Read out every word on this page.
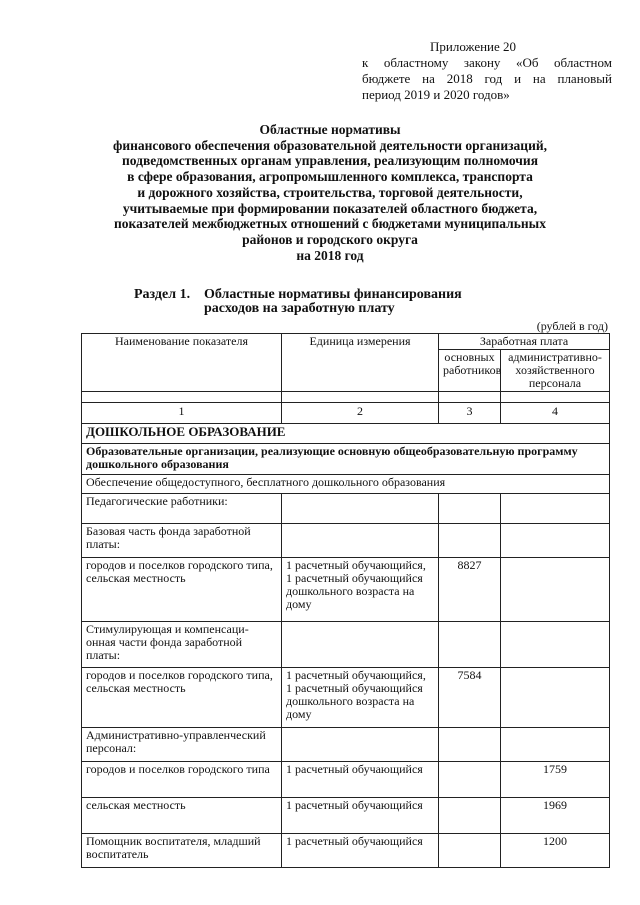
Приложение 20
к областному закону «Об областном
бюджете на 2018 год и на плановый
период 2019 и 2020 годов»
Областные нормативы
финансового обеспечения образовательной деятельности организаций,
подведомственных органам управления, реализующим полномочия
в сфере образования, агропромышленного комплекса, транспорта
и дорожного хозяйства, строительства, торговой деятельности,
учитываемые при формировании показателей областного бюджета,
показателей межбюджетных отношений с бюджетами муниципальных
районов и городского округа
на 2018 год
Раздел 1. Областные нормативы финансирования
расходов на заработную плату
(рублей в год)
Наименование показателя	Единица измерения	Заработная плата	
		основных работников	административно-хозяйственного персонала

1	2	3	4
ДОШКОЛЬНОЕ ОБРАЗОВАНИЕ			
Образовательные организации, реализующие основную общеобразовательную программу дошкольного образования			
Обеспечение общедоступного, бесплатного дошкольного образования			
Педагогические работники:			
Базовая часть фонда заработной платы:			
городов и поселков городского типа, сельская местность	1 расчетный обучающийся, 1 расчетный обучающийся дошкольного возраста на дому	8827	
Стимулирующая и компенсаци-онная части фонда заработной платы:			
городов и поселков городского типа, сельская местность	1 расчетный обучающийся, 1 расчетный обучающийся дошкольного возраста на дому	7584	
Административно-управленческий персонал:			
городов и поселков городского типа	1 расчетный обучающийся		1759
сельская местность	1 расчетный обучающийся		1969
Помощник воспитателя, младший воспитатель	1 расчетный обучающийся		1200
